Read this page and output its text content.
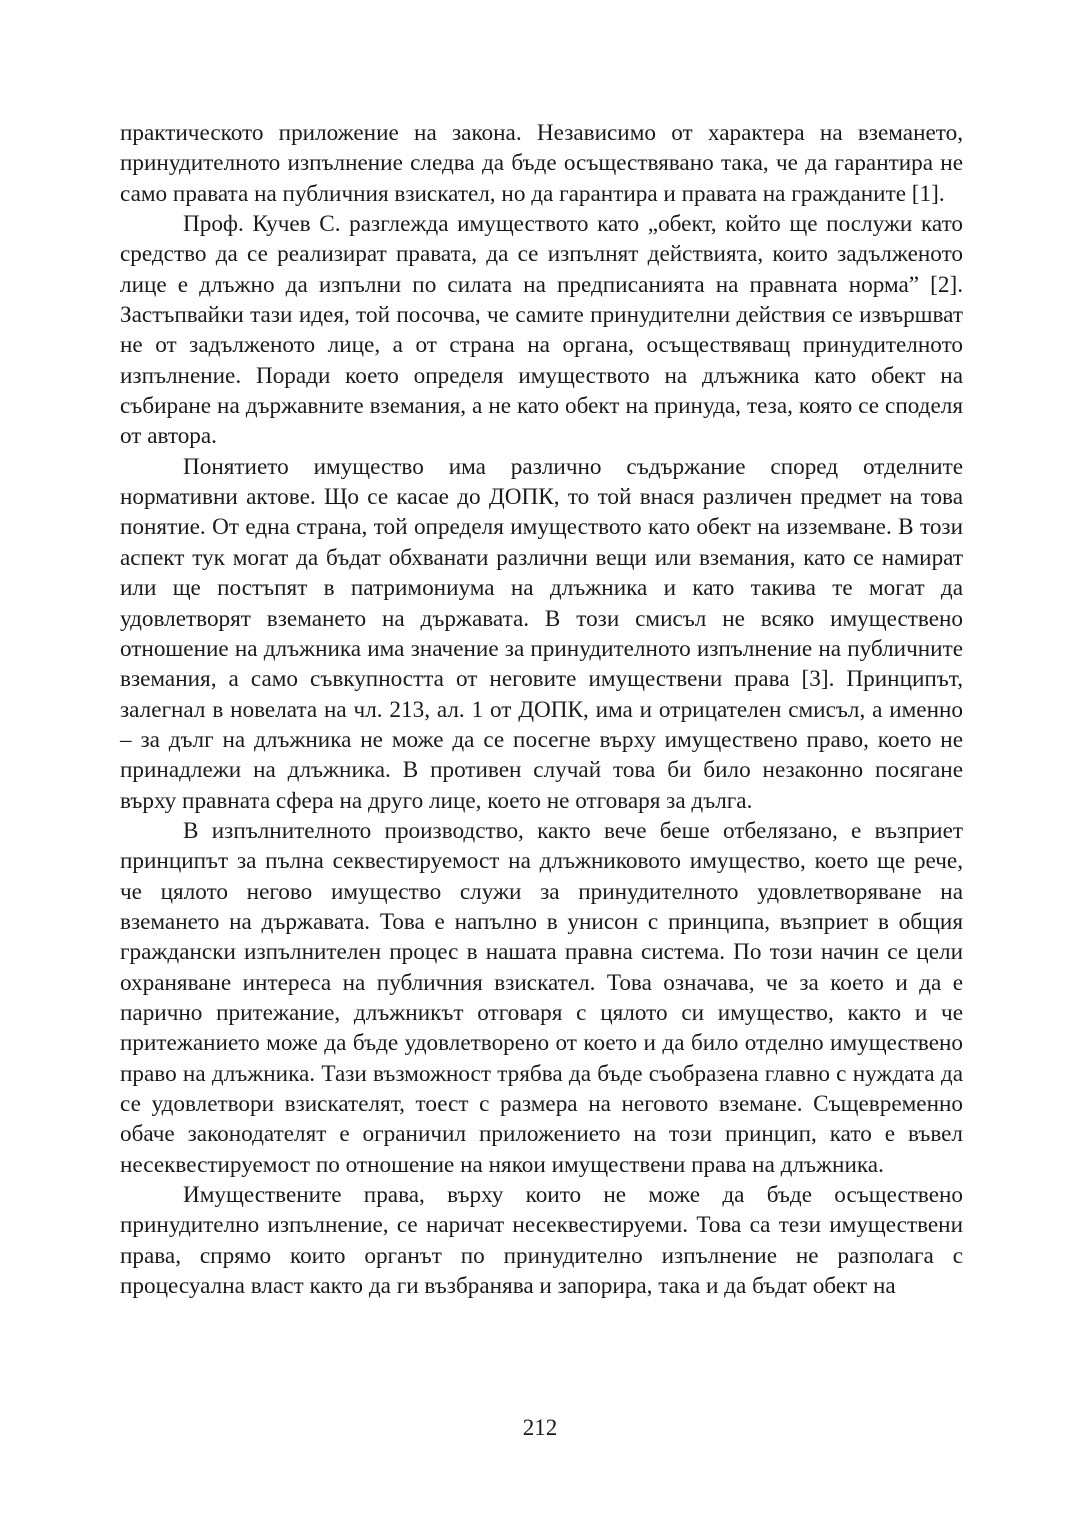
практическото приложение на закона. Независимо от характера на вземането, принудителното изпълнение следва да бъде осъществявано така, че да гарантира не само правата на публичния взискател, но да гарантира и правата на гражданите [1].

Проф. Кучев С. разглежда имуществото като „обект, който ще послужи като средство да се реализират правата, да се изпълнят действията, които задълженото лице е длъжно да изпълни по силата на предписанията на правната норма” [2]. Застъпвайки тази идея, той посочва, че самите принудителни действия се извършват не от задълженото лице, а от страна на органа, осъществяващ принудителното изпълнение. Поради което определя имуществото на длъжника като обект на събиране на държавните вземания, а не като обект на принуда, теза, която се споделя от автора.

Понятието имущество има различно съдържание според отделните нормативни актове. Що се касае до ДОПК, то той внася различен предмет на това понятие. От една страна, той определя имуществото като обект на изземване. В този аспект тук могат да бъдат обхванати различни вещи или вземания, като се намират или ще постъпят в патримониума на длъжника и като такива те могат да удовлетворят вземането на държавата. В този смисъл не всяко имуществено отношение на длъжника има значение за принудителното изпълнение на публичните вземания, а само съвкупността от неговите имуществени права [3]. Принципът, залегнал в новелата на чл. 213, ал. 1 от ДОПК, има и отрицателен смисъл, а именно – за дълг на длъжника не може да се посегне върху имуществено право, което не принадлежи на длъжника. В противен случай това би било незаконно посягане върху правната сфера на друго лице, което не отговаря за дълга.

В изпълнителното производство, както вече беше отбелязано, е възприет принципът за пълна секвестируемост на длъжниковото имущество, което ще рече, че цялото негово имущество служи за принудителното удовлетворяване на вземането на държавата. Това е напълно в унисон с принципа, възприет в общия граждански изпълнителен процес в нашата правна система. По този начин се цели охраняване интереса на публичния взискател. Това означава, че за което и да е парично притежание, длъжникът отговаря с цялото си имущество, както и че притежанието може да бъде удовлетворено от което и да било отделно имуществено право на длъжника. Тази възможност трябва да бъде съобразена главно с нуждата да се удовлетвори взискателят, тоест с размера на неговото вземане. Същевременно обаче законодателят е ограничил приложението на този принцип, като е въвел несеквестируемост по отношение на някои имуществени права на длъжника.

Имуществените права, върху които не може да бъде осъществено принудително изпълнение, се наричат несеквестируеми. Това са тези имуществени права, спрямо които органът по принудително изпълнение не разполага с процесуална власт както да ги възбранява и запорира, така и да бъдат обект на

212
